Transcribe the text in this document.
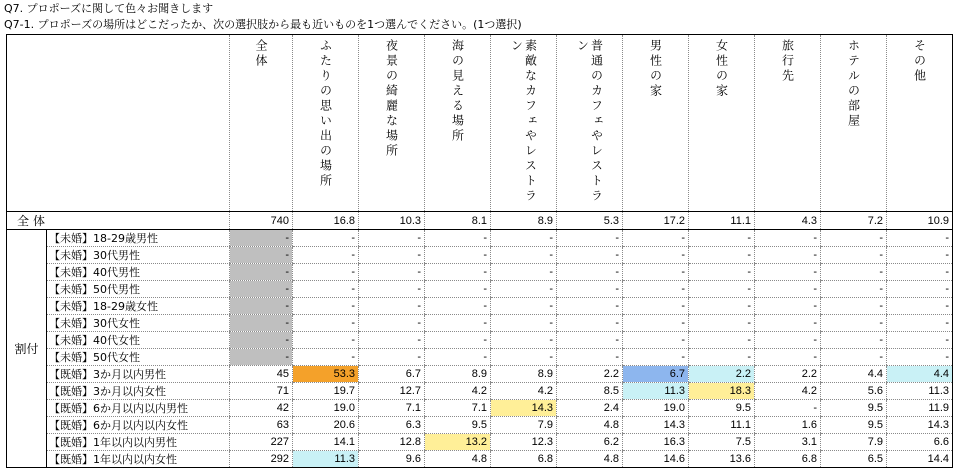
Q7. プロポーズに関して色々お聞きします
Q7-1. プロポーズの場所はどこだったか、次の選択肢から最も近いものを1つ選んでください。(1つ選択)

		全体	ふたりの思い出の場所	夜景の綺麗な場所	海の見える場所	素敵なカフェやレストラン	普通のカフェやレストラン	男性の家	女性の家	旅行先	ホテルの部屋	その他

全体		740	16.8	10.3	8.1	8.9	5.3	17.2	11.1	4.3	7.2	10.9
割付	【未婚】18-29歳男性	-	-	-	-	-	-	-	-	-	-	-
	【未婚】30代男性	-	-	-	-	-	-	-	-	-	-	-
	【未婚】40代男性	-	-	-	-	-	-	-	-	-	-	-
	【未婚】50代男性	-	-	-	-	-	-	-	-	-	-	-
	【未婚】18-29歳女性	-	-	-	-	-	-	-	-	-	-	-
	【未婚】30代女性	-	-	-	-	-	-	-	-	-	-	-
	【未婚】40代女性	-	-	-	-	-	-	-	-	-	-	-
	【未婚】50代女性	-	-	-	-	-	-	-	-	-	-	-
	【既婚】3か月以内男性	45	53.3	6.7	8.9	8.9	2.2	6.7	2.2	2.2	4.4	4.4
	【既婚】3か月以内女性	71	19.7	12.7	4.2	4.2	8.5	11.3	18.3	4.2	5.6	11.3
	【既婚】6か月以内以内男性	42	19.0	7.1	7.1	14.3	2.4	19.0	9.5	-	9.5	11.9
	【既婚】6か月以内以内女性	63	20.6	6.3	9.5	7.9	4.8	14.3	11.1	1.6	9.5	14.3
	【既婚】1年以内以内男性	227	14.1	12.8	13.2	12.3	6.2	16.3	7.5	3.1	7.9	6.6
	【既婚】1年以内以内女性	292	11.3	9.6	4.8	6.8	4.8	14.6	13.6	6.8	6.5	14.4
